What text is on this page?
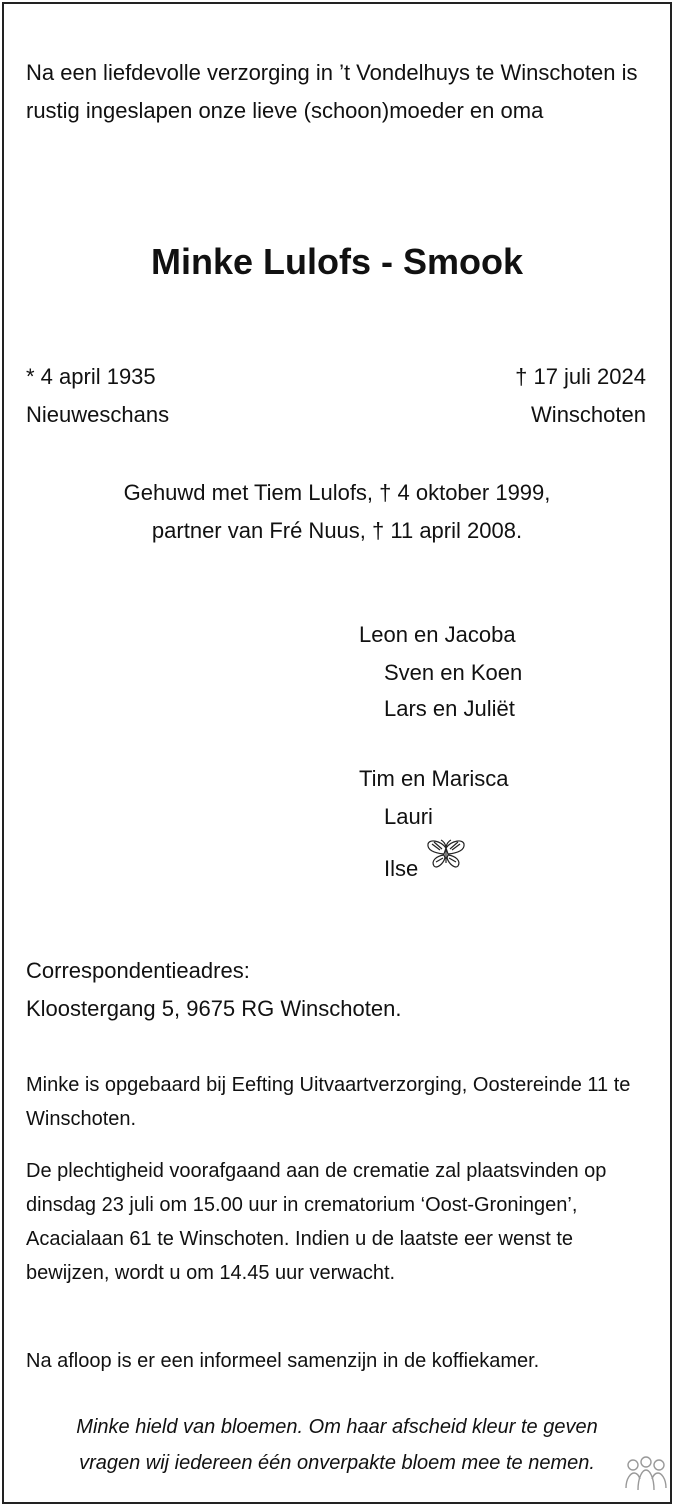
Na een liefdevolle verzorging in ’t Vondelhuys te Winschoten is rustig ingeslapen onze lieve (schoon)moeder en oma
Minke Lulofs - Smook
* 4 april 1935
Nieuweschans
† 17 juli 2024
Winschoten
Gehuwd met Tiem Lulofs, † 4 oktober 1999,
partner van Fré Nuus, † 11 april 2008.
Leon en Jacoba
Sven en Koen
Lars en Juliët
Tim en Marisca
Lauri
Ilse
Correspondentieadres:
Kloostergang 5, 9675 RG Winschoten.
Minke is opgebaard bij Eefting Uitvaartverzorging, Oostereinde 11 te Winschoten.
De plechtigheid voorafgaand aan de crematie zal plaatsvinden op dinsdag 23 juli om 15.00 uur in crematorium ‘Oost-Groningen’, Acacialaan 61 te Winschoten. Indien u de laatste eer wenst te bewijzen, wordt u om 14.45 uur verwacht.
Na afloop is er een informeel samenzijn in de koffiekamer.
Minke hield van bloemen. Om haar afscheid kleur te geven
vragen wij iedereen één onverpakte bloem mee te nemen.
